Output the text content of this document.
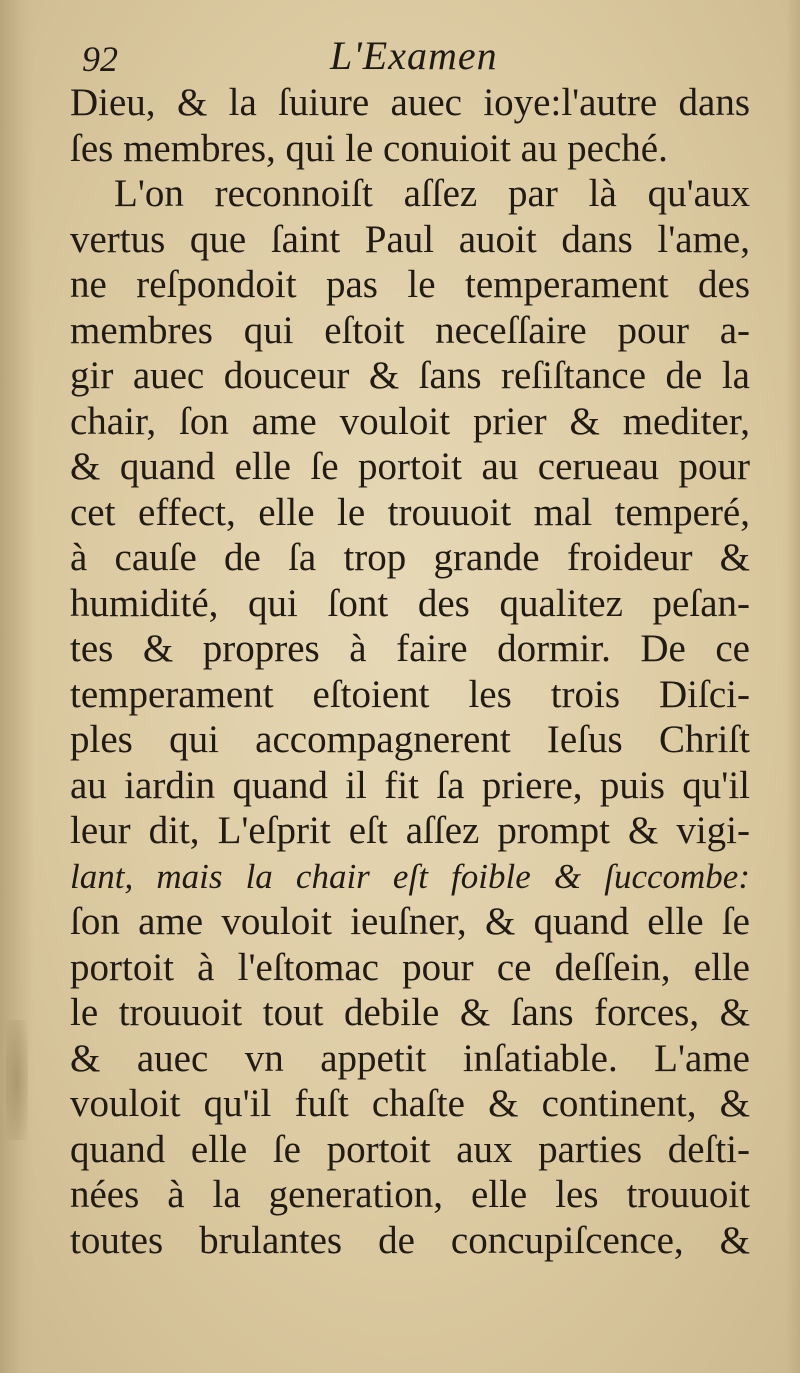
92	L'Examen
Dieu, & la ſuiure auec ioye:l'autre dans
ſes membres, qui le conuioit au peché.
L'on reconnoiſt aſſez par là qu'aux
vertus que ſaint Paul auoit dans l'ame,
ne reſpondoit pas le temperament des
membres qui eſtoit neceſſaire pour a-
gir auec douceur & ſans reſiſtance de la
chair, ſon ame vouloit prier & mediter,
& quand elle ſe portoit au cerueau pour
cet effect, elle le trouuoit mal temperé,
à cauſe de ſa trop grande froideur &
humidité, qui ſont des qualitez peſan-
tes & propres à faire dormir. De ce
temperament eſtoient les trois Diſci-
ples qui accompagnerent Ieſus Chriſt
au iardin quand il fit ſa priere, puis qu'il
leur dit, L'eſprit eſt aſſez prompt & vigi-
lant, mais la chair eſt foible & ſuccombe:
ſon ame vouloit ieuſner, & quand elle ſe
portoit à l'eſtomac pour ce deſſein, elle
le trouuoit tout debile & ſans forces, &
& auec vn appetit inſatiable. L'ame
vouloit qu'il fuſt chaſte & continent, &
quand elle ſe portoit aux parties deſti-
nées à la generation, elle les trouuoit
toutes brulantes de concupiſcence, &
